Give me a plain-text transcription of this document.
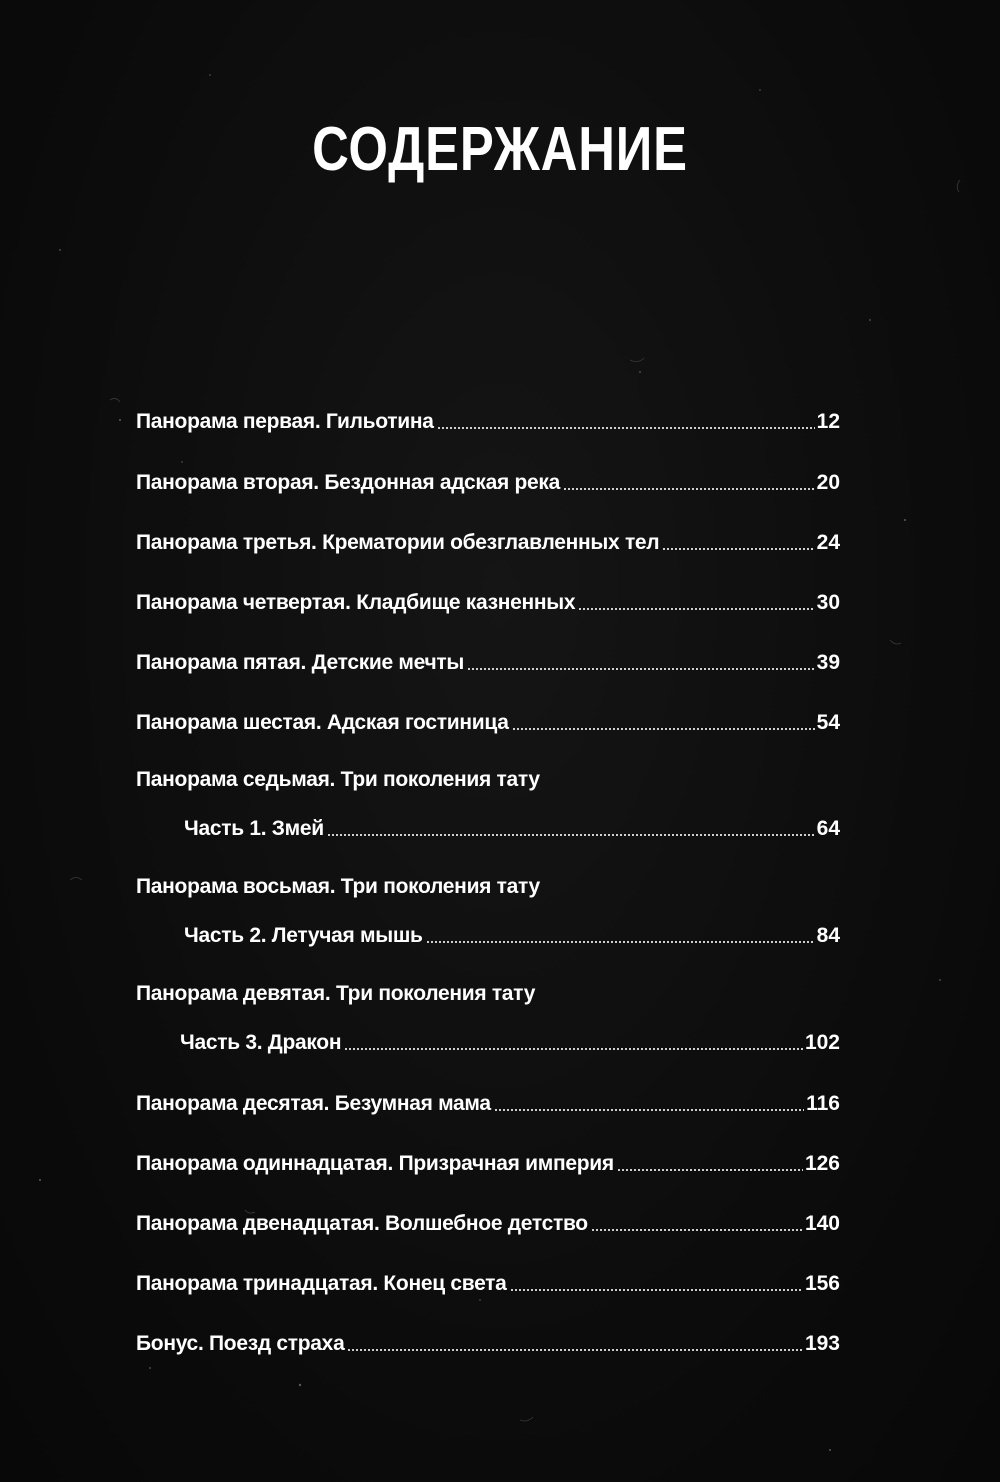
СОДЕРЖАНИЕ
Панорама первая. Гильотина	12
Панорама вторая. Бездонная адская река	20
Панорама третья. Крематории обезглавленных тел	24
Панорама четвертая. Кладбище казненных	30
Панорама пятая. Детские мечты	39
Панорама шестая. Адская гостиница	54
Панорама седьмая. Три поколения тату
Часть 1. Змей	64
Панорама восьмая. Три поколения тату
Часть 2. Летучая мышь	84
Панорама девятая. Три поколения тату
Часть 3. Дракон	102
Панорама десятая. Безумная мама	116
Панорама одиннадцатая. Призрачная империя	126
Панорама двенадцатая. Волшебное детство	140
Панорама тринадцатая. Конец света	156
Бонус. Поезд страха	193
